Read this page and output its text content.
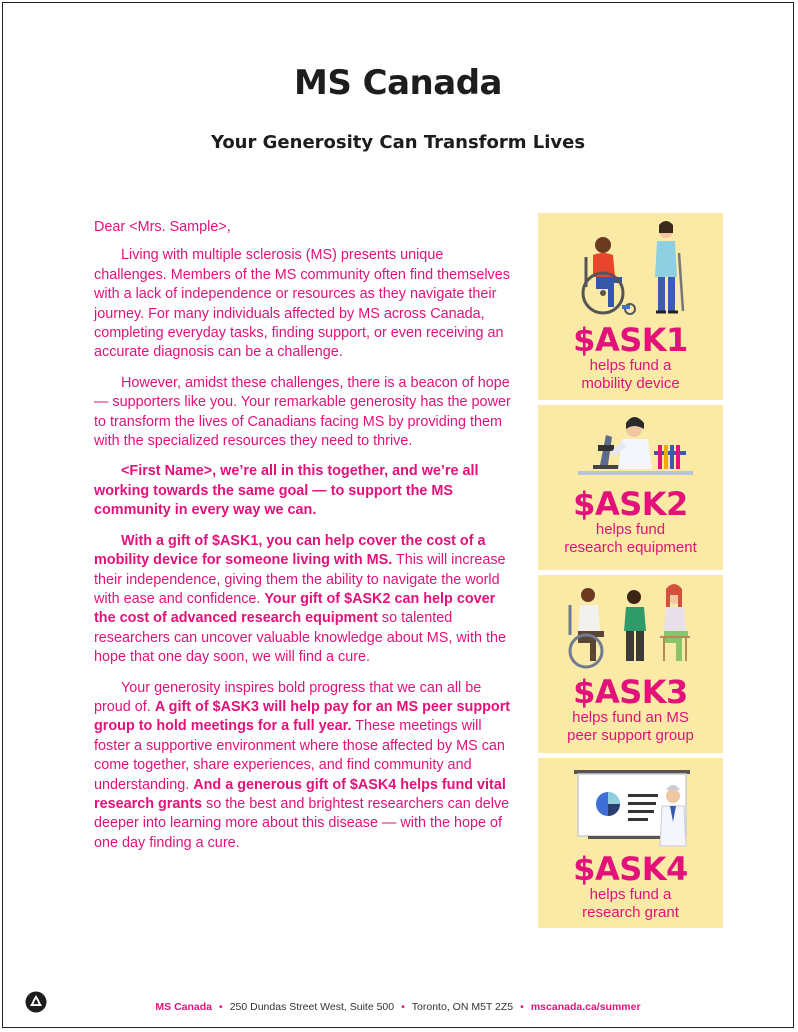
MS Canada
Your Generosity Can Transform Lives

Dear <Mrs. Sample>,

Living with multiple sclerosis (MS) presents unique challenges. Members of the MS community often find themselves with a lack of independence or resources as they navigate their journey. For many individuals affected by MS across Canada, completing everyday tasks, finding support, or even receiving an accurate diagnosis can be a challenge.

However, amidst these challenges, there is a beacon of hope — supporters like you. Your remarkable generosity has the power to transform the lives of Canadians facing MS by providing them with the specialized resources they need to thrive.

<First Name>, we’re all in this together, and we’re all working towards the same goal — to support the MS community in every way we can.

With a gift of $ASK1, you can help cover the cost of a mobility device for someone living with MS. This will increase their independence, giving them the ability to navigate the world with ease and confidence. Your gift of $ASK2 can help cover the cost of advanced research equipment so talented researchers can uncover valuable knowledge about MS, with the hope that one day soon, we will find a cure.

Your generosity inspires bold progress that we can all be proud of. A gift of $ASK3 will help pay for an MS peer support group to hold meetings for a full year. These meetings will foster a supportive environment where those affected by MS can come together, share experiences, and find community and understanding. And a generous gift of $ASK4 helps fund vital research grants so the best and brightest researchers can delve deeper into learning more about this disease — with the hope of one day finding a cure.

$ASK1
helps fund a
mobility device
$ASK2
helps fund
research equipment
$ASK3
helps fund an MS
peer support group
$ASK4
helps fund a
research grant
MS Canada • 250 Dundas Street West, Suite 500 • Toronto, ON M5T 2Z5 • mscanada.ca/summer
